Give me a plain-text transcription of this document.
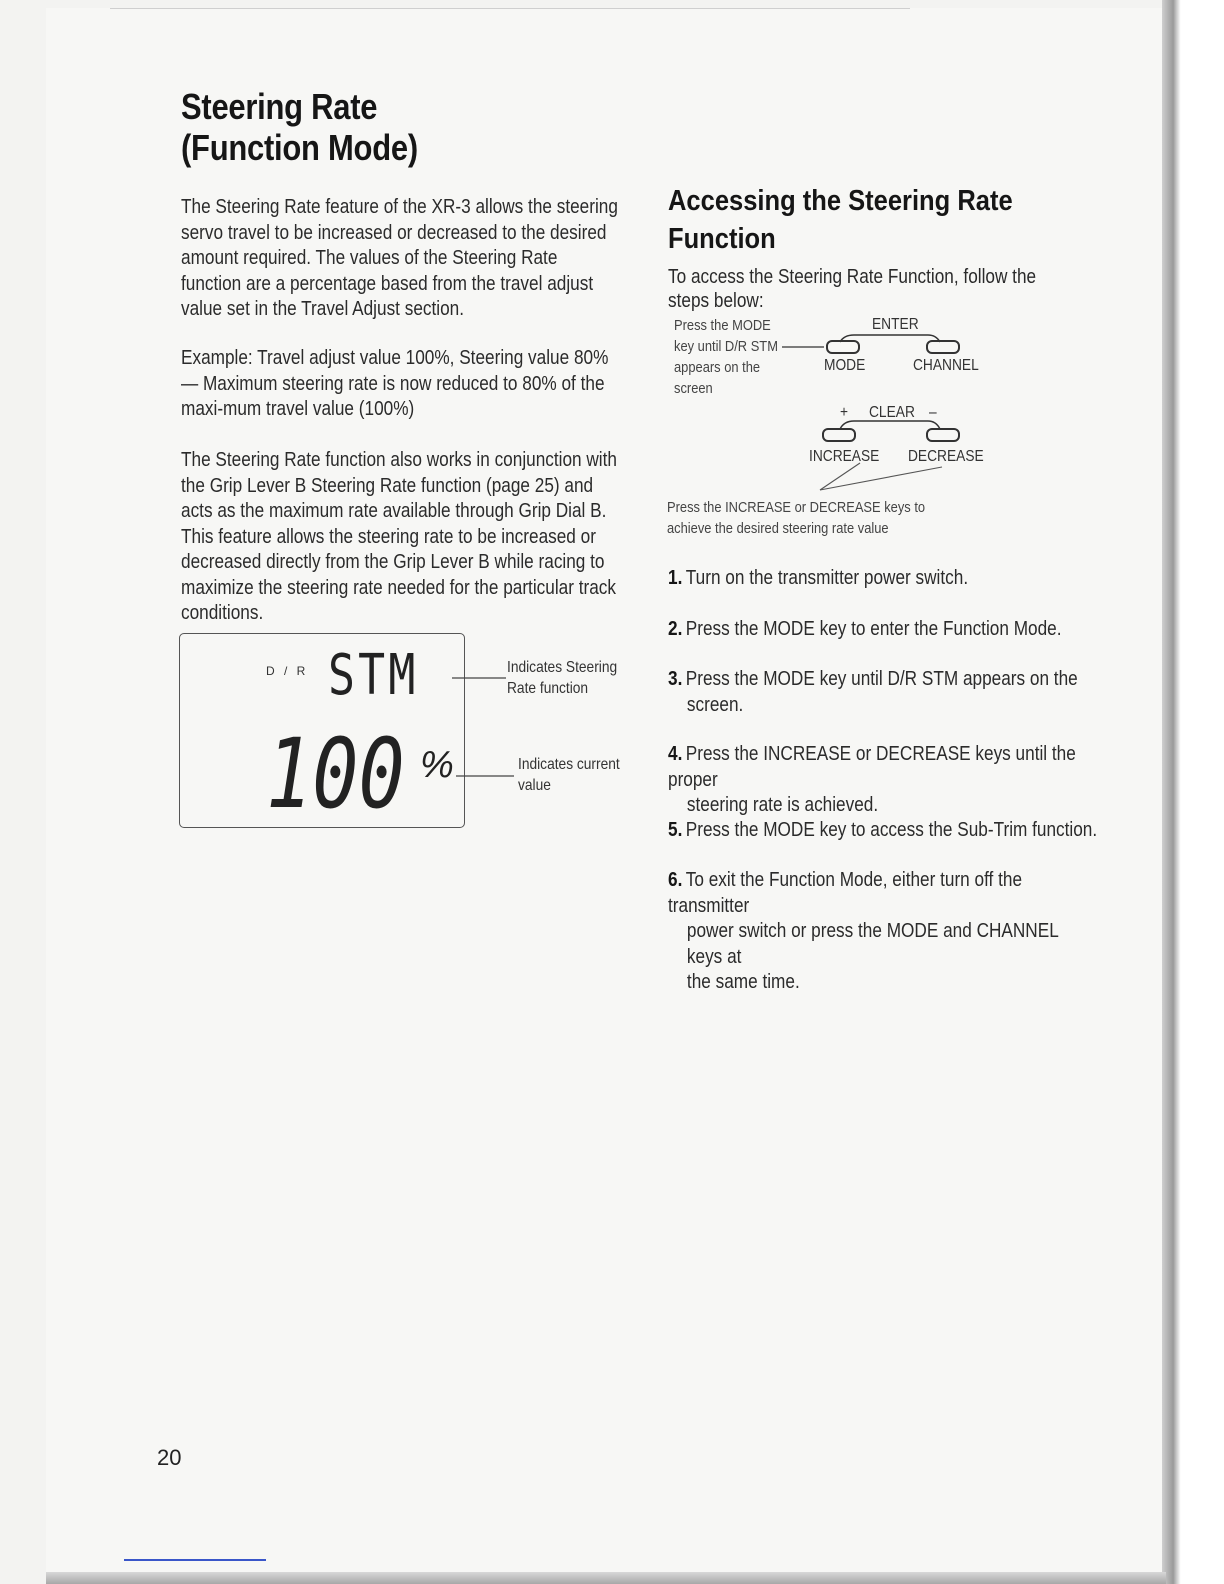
Steering Rate
(Function Mode)

The Steering Rate feature of the XR-3 allows the steering servo travel to be increased or decreased to the desired amount required. The values of the Steering Rate function are a percentage based from the travel adjust value set in the Travel Adjust section.

Example: Travel adjust value 100%, Steering value 80% — Maximum steering rate is now reduced to 80% of the maxi-mum travel value (100%)

The Steering Rate function also works in conjunction with the Grip Lever B Steering Rate function (page 25) and acts as the maximum rate available through Grip Dial B. This feature allows the steering rate to be increased or decreased directly from the Grip Lever B while racing to maximize the steering rate needed for the particular track conditions.

D / R STM
100 %
Indicates Steering Rate function
Indicates current value
Accessing the Steering Rate
Function

To access the Steering Rate Function, follow the steps below:

Press the MODE
key until D/R STM
appears on the
screen
ENTER
MODE	CHANNEL
+ CLEAR –
INCREASE DECREASE
Press the INCREASE or DECREASE keys to
achieve the desired steering rate value
1. Turn on the transmitter power switch.
2. Press the MODE key to enter the Function Mode.
3. Press the MODE key until D/R STM appears on the
screen.
4. Press the INCREASE or DECREASE keys until the proper
steering rate is achieved.
5. Press the MODE key to access the Sub-Trim function.
6. To exit the Function Mode, either turn off the transmitter
power switch or press the MODE and CHANNEL keys at
the same time.
20
